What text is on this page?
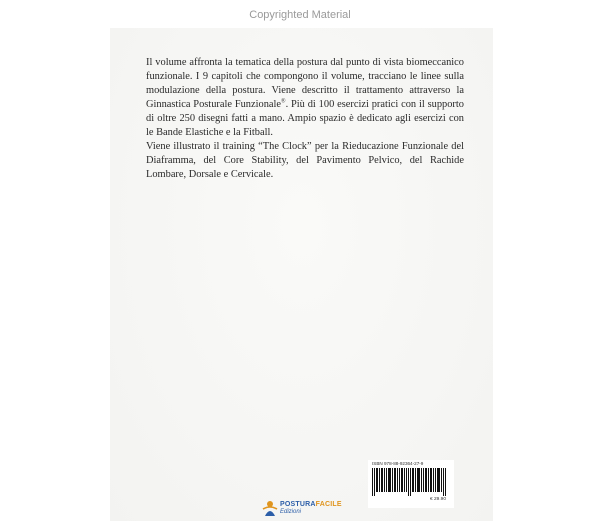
Copyrighted Material

Il volume affronta la tematica della postura dal punto di vista biomeccanico funzionale. I 9 capitoli che compongono il volume, tracciano le linee sulla modulazione della postura. Viene descritto il trattamento attraverso la Ginnastica Posturale Funzionale®. Più di 100 esercizi pratici con il supporto di oltre 250 disegni fatti a mano. Ampio spazio è dedicato agli esercizi con le Bande Elastiche e la Fitball.

Viene illustrato il training “The Clock” per la Rieducazione Funzionale del Diaframma, del Core Stability, del Pavimento Pelvico, del Rachide Lombare, Dorsale e Cervicale.

ISBN 978-88-92364-27-9
€ 29.90
POSTURAFACILE
Edizioni
